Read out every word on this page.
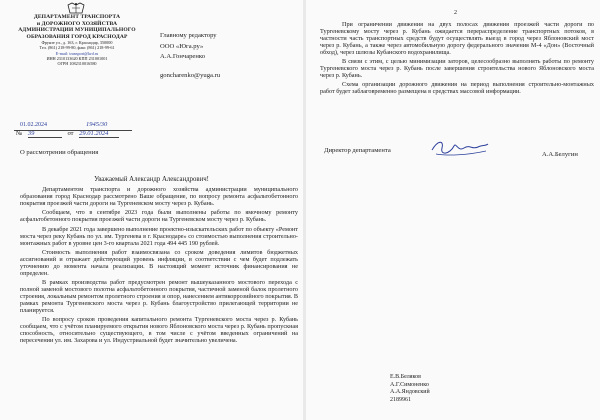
ДЕПАРТАМЕНТ ТРАНСПОРТА
и ДОРОЖНОГО ХОЗЯЙСТВА
АДМИНИСТРАЦИИ МУНИЦИПАЛЬНОГО
ОБРАЗОВАНИЯ ГОРОД КРАСНОДАР
Фрунзе ул., д. 163, г. Краснодар, 350000
Тел. (861) 218-99-80, факс (861) 218-99-61
E-mail: transport@krd.ru
ИНН 2310133620 КПП 231001001
ОГРН 1082310016580
01.02.2024	1945/30
№ 39	от 29.01.2024
Главному редактору
ООО «Юга.ру»
А.А.Гончаренко
goncharenko@yuga.ru
О рассмотрении обращения
Уважаемый Александр Александрович!

Департаментом транспорта и дорожного хозяйства администрации муниципального образования город Краснодар рассмотрено Ваше обращение, по вопросу ремонта асфальтобетонного покрытия проезжей части дороги на Тургеневском мосту через р. Кубань.

Сообщаем, что в сентябре 2023 года были выполнены работы по ямочному ремонту асфальтобетонного покрытия проезжей части дороги на Тургеневском мосту через р. Кубань.

В декабре 2021 года завершено выполнение проектно-изыскательских работ по объекту «Ремонт моста через реку Кубань по ул. им. Тургенева в г. Краснодаре» со стоимостью выполнения строительно-монтажных работ в уровне цен 3-го квартала 2021 года 494 445 190 рублей.

Стоимость выполнения работ взаимосвязана со сроком доведения лимитов бюджетных ассигнований и отражает действующий уровень инфляции, в соответствии с чем будет подлежать уточнению до момента начала реализации. В настоящий момент источник финансирования не определен.

В рамках производства работ предусмотрен ремонт вышеуказанного мостового перехода с полной заменой мостового полотна асфальтобетонного покрытия, частичной заменой балок пролетного строения, локальным ремонтом пролетного строения и опор, нанесением антикоррозийного покрытия. В рамках ремонта Тургеневского моста через р. Кубань благоустройство прилегающей территории не планируется.

По вопросу сроков проведения капитального ремонта Тургеневского моста через р. Кубань сообщаем, что с учётом планируемого открытия нового Яблоновского моста через р. Кубань пропускная способность, относительно существующего, в том числе с учётом введенных ограничений на пересечении ул. им. Захарова и ул. Индустриальной будет значительно увеличена.

2

При ограничении движения на двух полосах движения проезжей части дороги по Тургеневскому мосту через р. Кубань ожидается перераспределение транспортных потоков, в частности часть транспортных средств будут осуществлять выезд в город через Яблоновский мост через р. Кубань, а также через автомобильную дорогу федерального значения М-4 «Дон» (Восточный обход), через шлюзы Кубанского водохранилища.

В связи с этим, с целью минимизации заторов, целесообразно выполнять работы по ремонту Тургеневского моста через р. Кубань после завершения строительства нового Яблоновского моста через р. Кубань.

Схема организации дорожного движения на период выполнения строительно-монтажных работ будет заблаговременно размещена в средствах массовой информации.

Директор департамента
А.А.Белугин
Е.В.Беляков
А.Г.Симоненко
А.А.Яндовский
2189961
